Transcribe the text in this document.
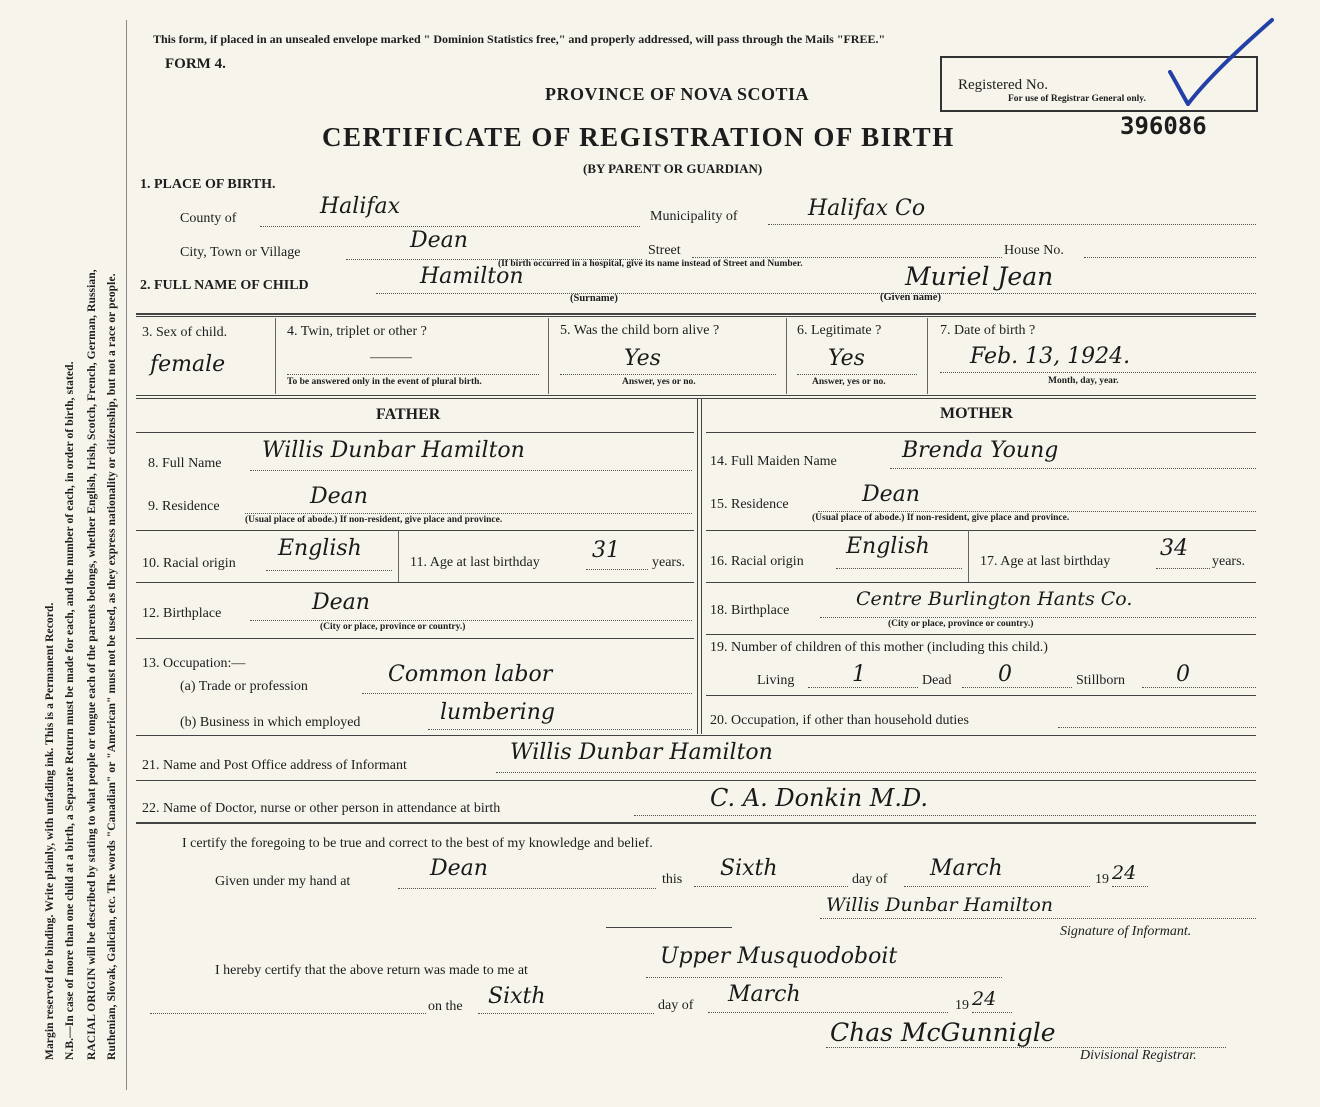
Margin reserved for binding. Write plainly, with unfading ink. This is a Permanent Record. N.B.—In case of more than one child at a birth, a Separate Return must be made for each, and the number of each, in order of birth, stated. RACIAL ORIGIN will be described by stating to what people or tongue each of the parents belongs, whether English, Irish, Scotch, French, German, Russian, Ruthenian, Slovak, Galician, etc. The words "Canadian" or "American" must not be used, as they express nationality or citizenship, but not a race or people.
This form, if placed in an unsealed envelope marked " Dominion Statistics free," and properly addressed, will pass through the Mails "FREE."
FORM 4.
PROVINCE OF NOVA SCOTIA
CERTIFICATE OF REGISTRATION OF BIRTH
(BY PARENT OR GUARDIAN)
Registered No.
For use of Registrar General only.
396086
1. PLACE OF BIRTH.
County of	Halifax	Municipality of	Halifax Co
City, Town or Village	Dean	Street	House No.
(If birth occurred in a hospital, give its name instead of Street and Number.
2. FULL NAME OF CHILD	Hamilton
(Surname)
Muriel Jean
(Given name)
3. Sex of child.
female
4. Twin, triplet or other ?
———
To be answered only in the event of plural birth.
5. Was the child born alive ?
Yes
Answer, yes or no.
6. Legitimate ?
Yes
Answer, yes or no.
7. Date of birth ?
Feb. 13, 1924.
Month, day, year.
FATHER	MOTHER
8. Full Name
Willis Dunbar Hamilton
9. Residence	Dean
(Usual place of abode.) If non-resident, give place and province.
10. Racial origin
English
11. Age at last birthday 31 years.
12. Birthplace	Dean
(City or place, province or country.)
13. Occupation:—
(a) Trade or profession	Common labor
(b) Business in which employed	lumbering
14. Full Maiden Name	Brenda Young
15. Residence	Dean
(Usual place of abode.) If non-resident, give place and province.
16. Racial origin
English
17. Age at last birthday
34
years.
18. Birthplace
Centre Burlington Hants Co.
(City or place, province or country.)
19. Number of children of this mother (including this child.)
Living	1	Dead 0	Stillborn 0
20. Occupation, if other than household duties
21. Name and Post Office address of Informant
Willis Dunbar Hamilton
22. Name of Doctor, nurse or other person in attendance at birth	C. A. Donkin M.D.
I certify the foregoing to be true and correct to the best of my knowledge and belief.
Given under my hand at
Dean	this Sixth	day of March	19 24
Willis Dunbar Hamilton
Signature of Informant.
I hereby certify that the above return was made to me at
Upper Musquodoboit
on the Sixth	day of March	19 24
Chas McGunnigle
Divisional Registrar.
